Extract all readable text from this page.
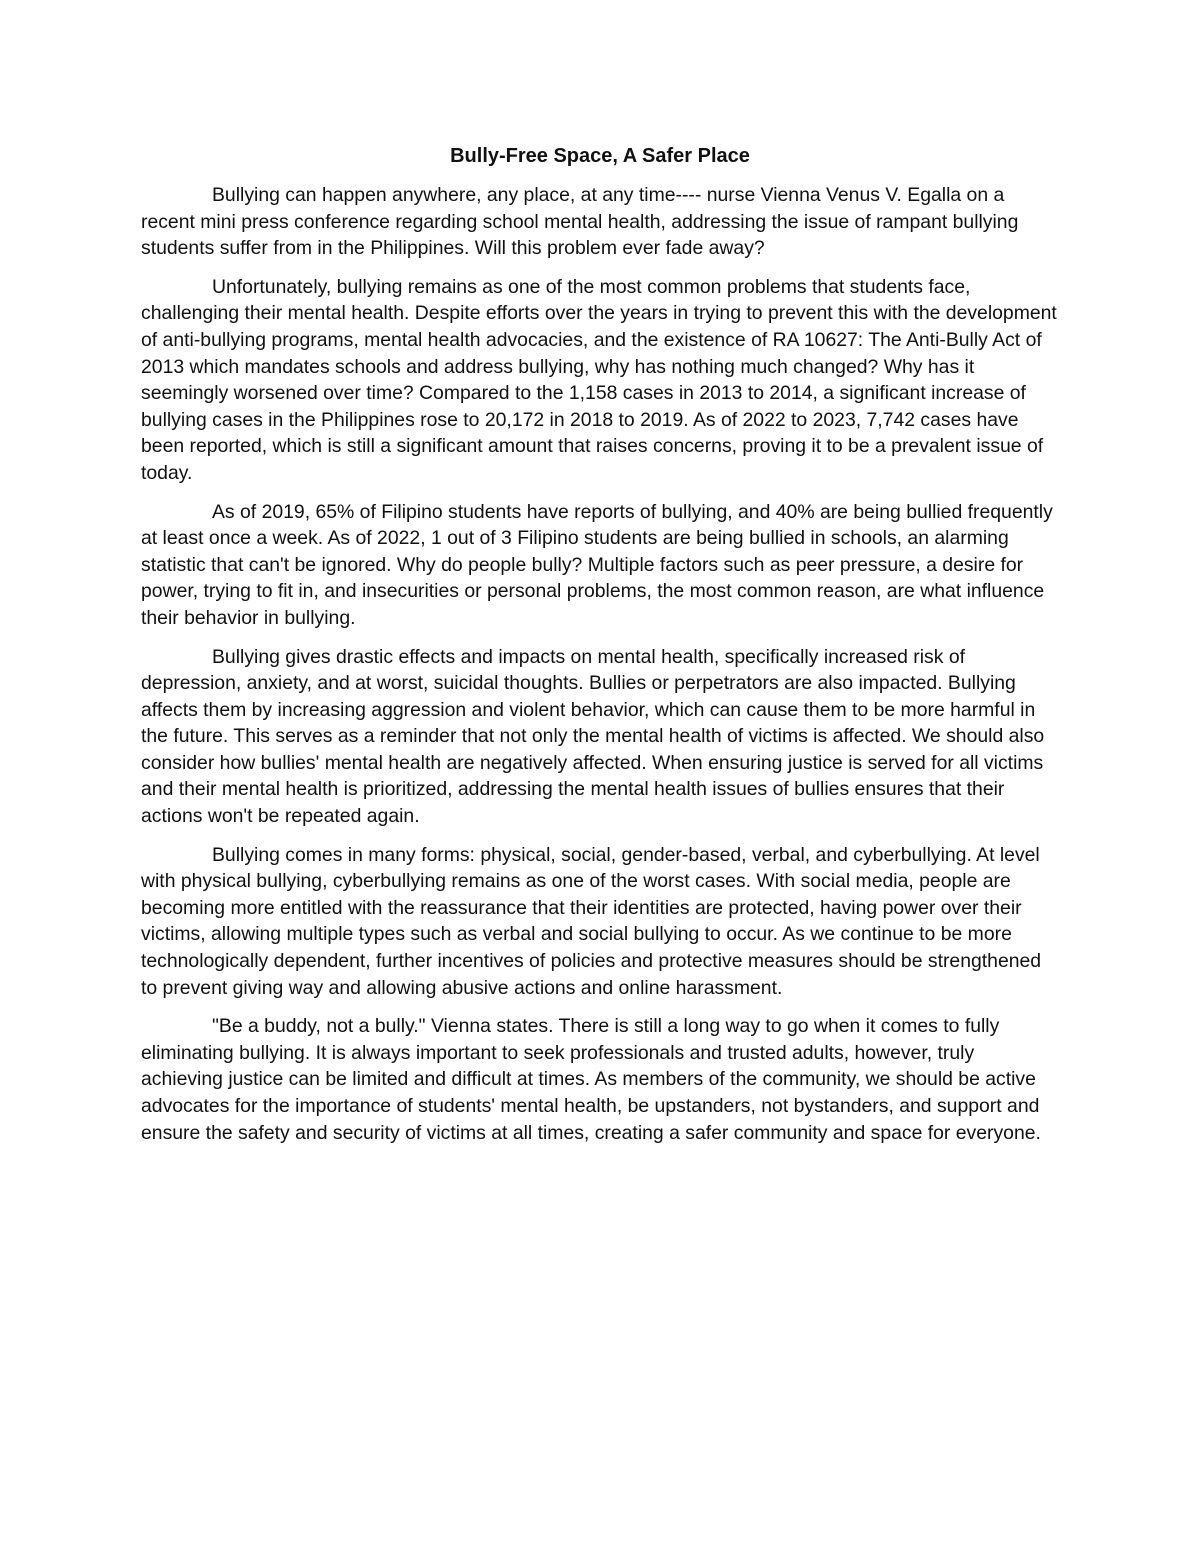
Bully-Free Space, A Safer Place

Bullying can happen anywhere, any place, at any time---- nurse Vienna Venus V. Egalla on a recent mini press conference regarding school mental health, addressing the issue of rampant bullying students suffer from in the Philippines. Will this problem ever fade away?

Unfortunately, bullying remains as one of the most common problems that students face, challenging their mental health. Despite efforts over the years in trying to prevent this with the development of anti-bullying programs, mental health advocacies, and the existence of RA 10627: The Anti-Bully Act of 2013 which mandates schools and address bullying, why has nothing much changed? Why has it seemingly worsened over time? Compared to the 1,158 cases in 2013 to 2014, a significant increase of bullying cases in the Philippines rose to 20,172 in 2018 to 2019. As of 2022 to 2023, 7,742 cases have been reported, which is still a significant amount that raises concerns, proving it to be a prevalent issue of today.

As of 2019, 65% of Filipino students have reports of bullying, and 40% are being bullied frequently at least once a week. As of 2022, 1 out of 3 Filipino students are being bullied in schools, an alarming statistic that can't be ignored. Why do people bully? Multiple factors such as peer pressure, a desire for power, trying to fit in, and insecurities or personal problems, the most common reason, are what influence their behavior in bullying.

Bullying gives drastic effects and impacts on mental health, specifically increased risk of depression, anxiety, and at worst, suicidal thoughts. Bullies or perpetrators are also impacted. Bullying affects them by increasing aggression and violent behavior, which can cause them to be more harmful in the future. This serves as a reminder that not only the mental health of victims is affected. We should also consider how bullies' mental health are negatively affected. When ensuring justice is served for all victims and their mental health is prioritized, addressing the mental health issues of bullies ensures that their actions won't be repeated again.

Bullying comes in many forms: physical, social, gender-based, verbal, and cyberbullying. At level with physical bullying, cyberbullying remains as one of the worst cases. With social media, people are becoming more entitled with the reassurance that their identities are protected, having power over their victims, allowing multiple types such as verbal and social bullying to occur. As we continue to be more technologically dependent, further incentives of policies and protective measures should be strengthened to prevent giving way and allowing abusive actions and online harassment.

"Be a buddy, not a bully." Vienna states. There is still a long way to go when it comes to fully eliminating bullying. It is always important to seek professionals and trusted adults, however, truly achieving justice can be limited and difficult at times. As members of the community, we should be active advocates for the importance of students' mental health, be upstanders, not bystanders, and support and ensure the safety and security of victims at all times, creating a safer community and space for everyone.
